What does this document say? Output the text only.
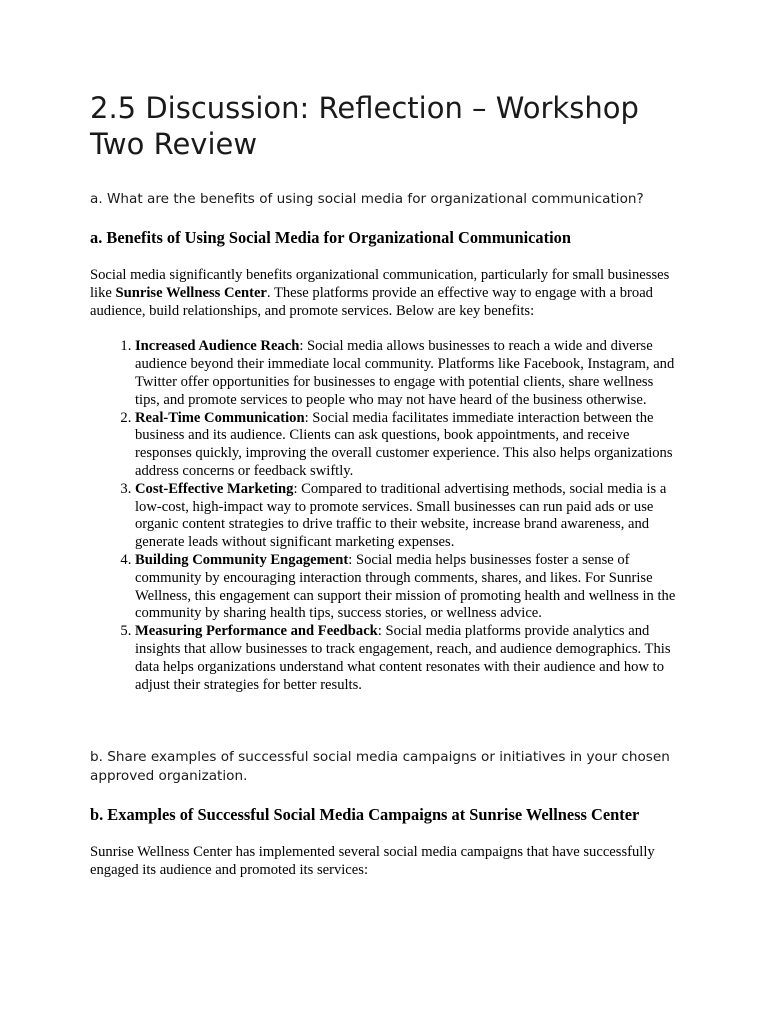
2.5 Discussion: Reflection – Workshop Two Review

a. What are the benefits of using social media for organizational communication?

a. Benefits of Using Social Media for Organizational Communication

Social media significantly benefits organizational communication, particularly for small businesses like Sunrise Wellness Center. These platforms provide an effective way to engage with a broad audience, build relationships, and promote services. Below are key benefits:

1. Increased Audience Reach: Social media allows businesses to reach a wide and diverse audience beyond their immediate local community. Platforms like Facebook, Instagram, and Twitter offer opportunities for businesses to engage with potential clients, share wellness tips, and promote services to people who may not have heard of the business otherwise.
2. Real-Time Communication: Social media facilitates immediate interaction between the business and its audience. Clients can ask questions, book appointments, and receive responses quickly, improving the overall customer experience. This also helps organizations address concerns or feedback swiftly.
3. Cost-Effective Marketing: Compared to traditional advertising methods, social media is a low-cost, high-impact way to promote services. Small businesses can run paid ads or use organic content strategies to drive traffic to their website, increase brand awareness, and generate leads without significant marketing expenses.
4. Building Community Engagement: Social media helps businesses foster a sense of community by encouraging interaction through comments, shares, and likes. For Sunrise Wellness, this engagement can support their mission of promoting health and wellness in the community by sharing health tips, success stories, or wellness advice.
5. Measuring Performance and Feedback: Social media platforms provide analytics and insights that allow businesses to track engagement, reach, and audience demographics. This data helps organizations understand what content resonates with their audience and how to adjust their strategies for better results.

b. Share examples of successful social media campaigns or initiatives in your chosen approved organization.

b. Examples of Successful Social Media Campaigns at Sunrise Wellness Center

Sunrise Wellness Center has implemented several social media campaigns that have successfully engaged its audience and promoted its services:
